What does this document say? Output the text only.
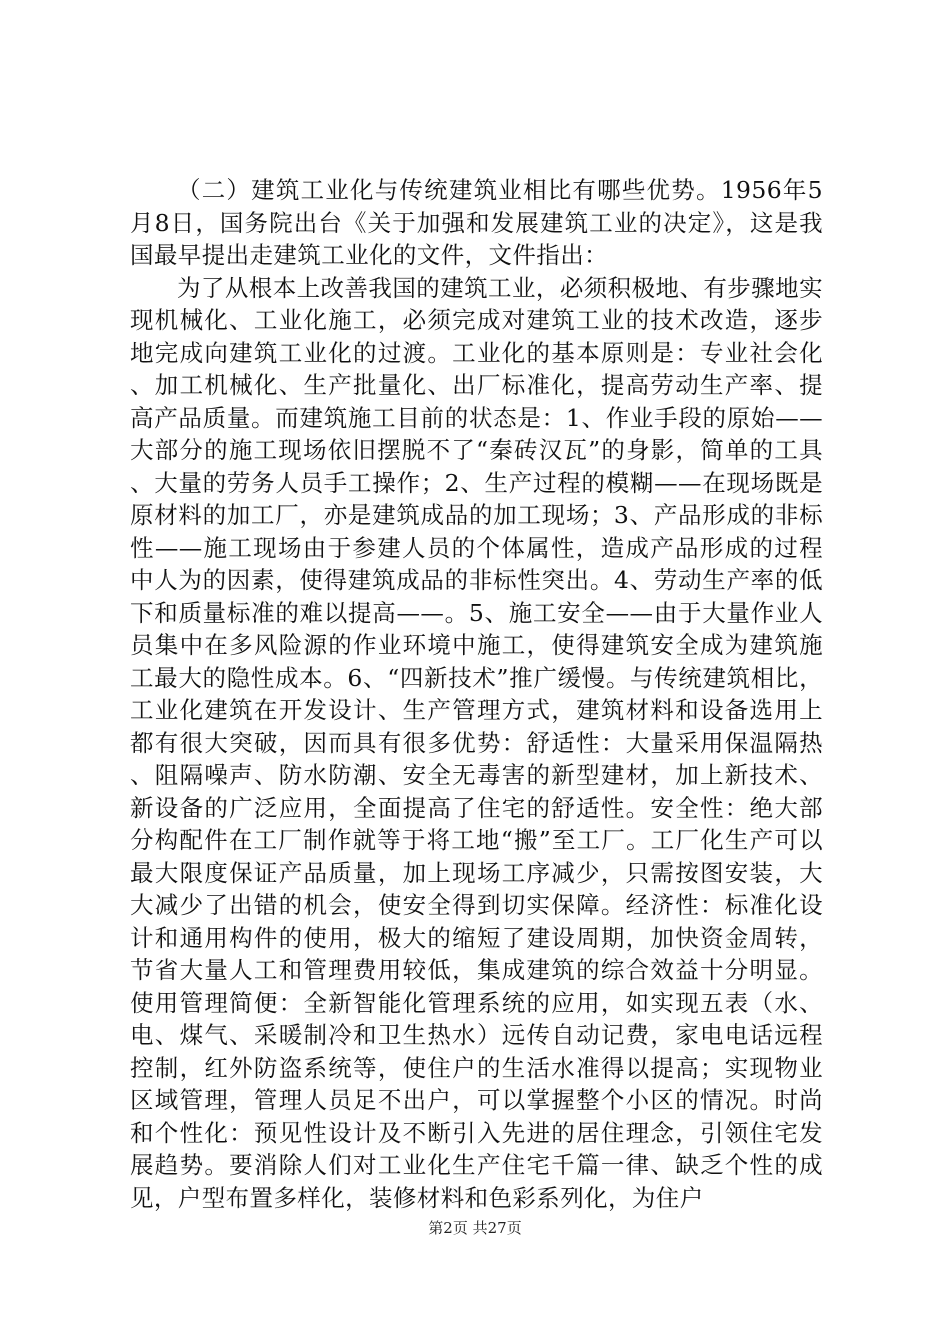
（二）建筑工业化与传统建筑业相比有哪些优势。1956年5月8日，国务院出台《关于加强和发展建筑工业的决定》，这是我国最早提出走建筑工业化的文件，文件指出：

为了从根本上改善我国的建筑工业，必须积极地、有步骤地实现机械化、工业化施工，必须完成对建筑工业的技术改造，逐步地完成向建筑工业化的过渡。工业化的基本原则是：专业社会化、加工机械化、生产批量化、出厂标准化，提高劳动生产率、提高产品质量。而建筑施工目前的状态是：1、作业手段的原始——大部分的施工现场依旧摆脱不了“秦砖汉瓦”的身影，简单的工具、大量的劳务人员手工操作；2、生产过程的模糊——在现场既是原材料的加工厂，亦是建筑成品的加工现场；3、产品形成的非标性——施工现场由于参建人员的个体属性，造成产品形成的过程中人为的因素，使得建筑成品的非标性突出。4、劳动生产率的低下和质量标准的难以提高——。5、施工安全——由于大量作业人员集中在多风险源的作业环境中施工，使得建筑安全成为建筑施工最大的隐性成本。6、“四新技术”推广缓慢。与传统建筑相比，工业化建筑在开发设计、生产管理方式，建筑材料和设备选用上都有很大突破，因而具有很多优势：舒适性：大量采用保温隔热、阻隔噪声、防水防潮、安全无毒害的新型建材，加上新技术、新设备的广泛应用，全面提高了住宅的舒适性。安全性：绝大部分构配件在工厂制作就等于将工地“搬”至工厂。工厂化生产可以最大限度保证产品质量，加上现场工序减少，只需按图安装，大大减少了出错的机会，使安全得到切实保障。经济性：标准化设计和通用构件的使用，极大的缩短了建设周期，加快资金周转，节省大量人工和管理费用较低，集成建筑的综合效益十分明显。使用管理简便：全新智能化管理系统的应用，如实现五表（水、电、煤气、采暖制冷和卫生热水）远传自动记费，家电电话远程控制，红外防盗系统等，使住户的生活水准得以提高；实现物业区域管理，管理人员足不出户，可以掌握整个小区的情况。时尚和个性化：预见性设计及不断引入先进的居住理念，引领住宅发展趋势。要消除人们对工业化生产住宅千篇一律、缺乏个性的成见，户型布置多样化，装修材料和色彩系列化，为住户

第2页 共27页
